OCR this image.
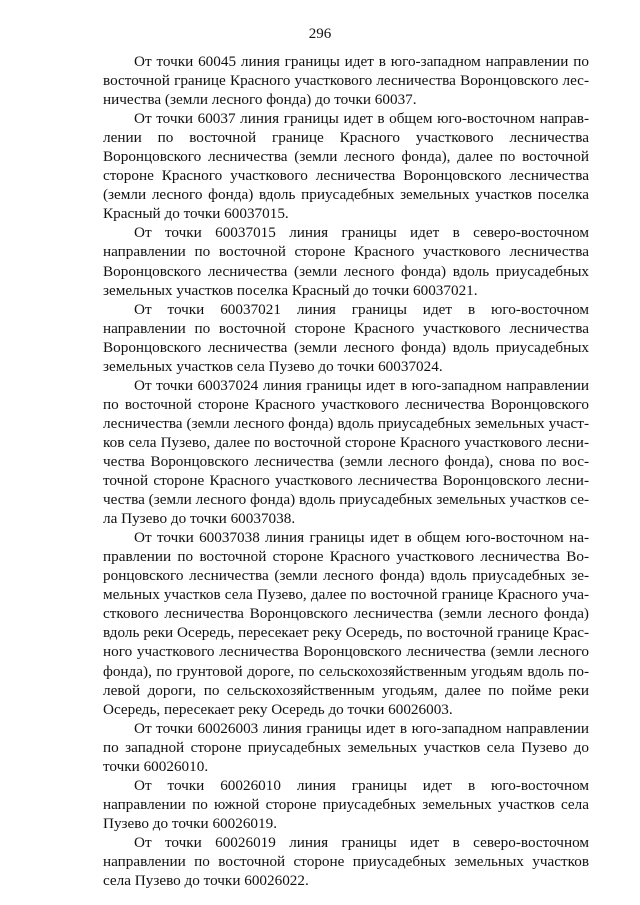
296

От точки 60045 линия границы идет в юго-западном направлении по восточной границе Красного участкового лесничества Воронцовского лесничества (земли лесного фонда) до точки 60037.

От точки 60037 линия границы идет в общем юго-восточном направлении по восточной границе Красного участкового лесничества Воронцовского лесничества (земли лесного фонда), далее по восточной стороне Красного участкового лесничества Воронцовского лесничества (земли лесного фонда) вдоль приусадебных земельных участков поселка Красный до точки 60037015.

От точки 60037015 линия границы идет в северо-восточном направлении по восточной стороне Красного участкового лесничества Воронцовского лесничества (земли лесного фонда) вдоль приусадебных земельных участков поселка Красный до точки 60037021.

От точки 60037021 линия границы идет в юго-восточном направлении по восточной стороне Красного участкового лесничества Воронцовского лесничества (земли лесного фонда) вдоль приусадебных земельных участков села Пузево до точки 60037024.

От точки 60037024 линия границы идет в юго-западном направлении по восточной стороне Красного участкового лесничества Воронцовского лесничества (земли лесного фонда) вдоль приусадебных земельных участков села Пузево, далее по восточной стороне Красного участкового лесничества Воронцовского лесничества (земли лесного фонда), снова по восточной стороне Красного участкового лесничества Воронцовского лесничества (земли лесного фонда) вдоль приусадебных земельных участков села Пузево до точки 60037038.

От точки 60037038 линия границы идет в общем юго-восточном направлении по восточной стороне Красного участкового лесничества Воронцовского лесничества (земли лесного фонда) вдоль приусадебных земельных участков села Пузево, далее по восточной границе Красного участкового лесничества Воронцовского лесничества (земли лесного фонда) вдоль реки Осередь, пересекает реку Осередь, по восточной границе Красного участкового лесничества Воронцовского лесничества (земли лесного фонда), по грунтовой дороге, по сельскохозяйственным угодьям вдоль полевой дороги, по сельскохозяйственным угодьям, далее по пойме реки Осередь, пересекает реку Осередь до точки 60026003.

От точки 60026003 линия границы идет в юго-западном направлении по западной стороне приусадебных земельных участков села Пузево до точки 60026010.

От точки 60026010 линия границы идет в юго-восточном направлении по южной стороне приусадебных земельных участков села Пузево до точки 60026019.

От точки 60026019 линия границы идет в северо-восточном направлении по восточной стороне приусадебных земельных участков села Пузево до точки 60026022.
